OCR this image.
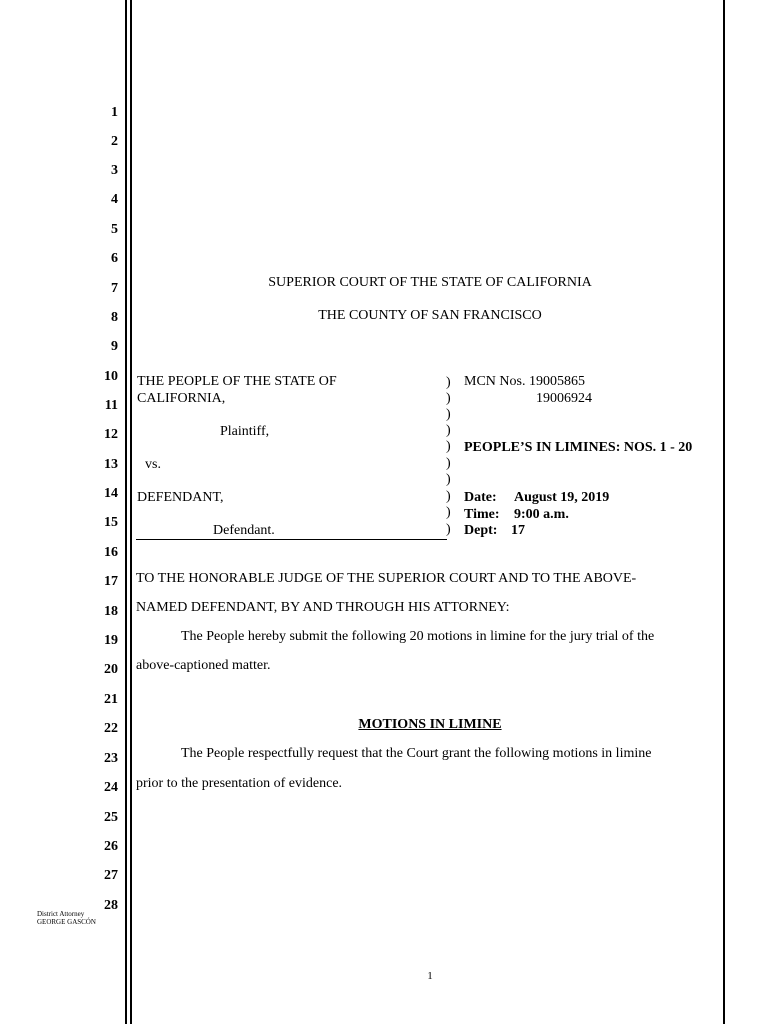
1
2
3
4
5
6
7
8
9
10
11
12
13
14
15
16
17
18
19
20
21
22
23
24
25
26
27
28
SUPERIOR COURT OF THE STATE OF CALIFORNIA
THE COUNTY OF SAN FRANCISCO
THE PEOPLE OF THE STATE OF
CALIFORNIA,
Plaintiff,
vs.
DEFENDANT,
Defendant.
)
)
)
)
)
)
)
)
)
)
MCN Nos. 19005865
19006924
PEOPLE’S IN LIMINES: NOS. 1 - 20
Date: August 19, 2019
Time: 9:00 a.m.
Dept: 17
TO THE HONORABLE JUDGE OF THE SUPERIOR COURT AND TO THE ABOVE-
NAMED DEFENDANT, BY AND THROUGH HIS ATTORNEY:
The People hereby submit the following 20 motions in limine for the jury trial of the
above-captioned matter.
MOTIONS IN LIMINE
The People respectfully request that the Court grant the following motions in limine
prior to the presentation of evidence.
District Attorney
GEORGE GASCÓN
1
